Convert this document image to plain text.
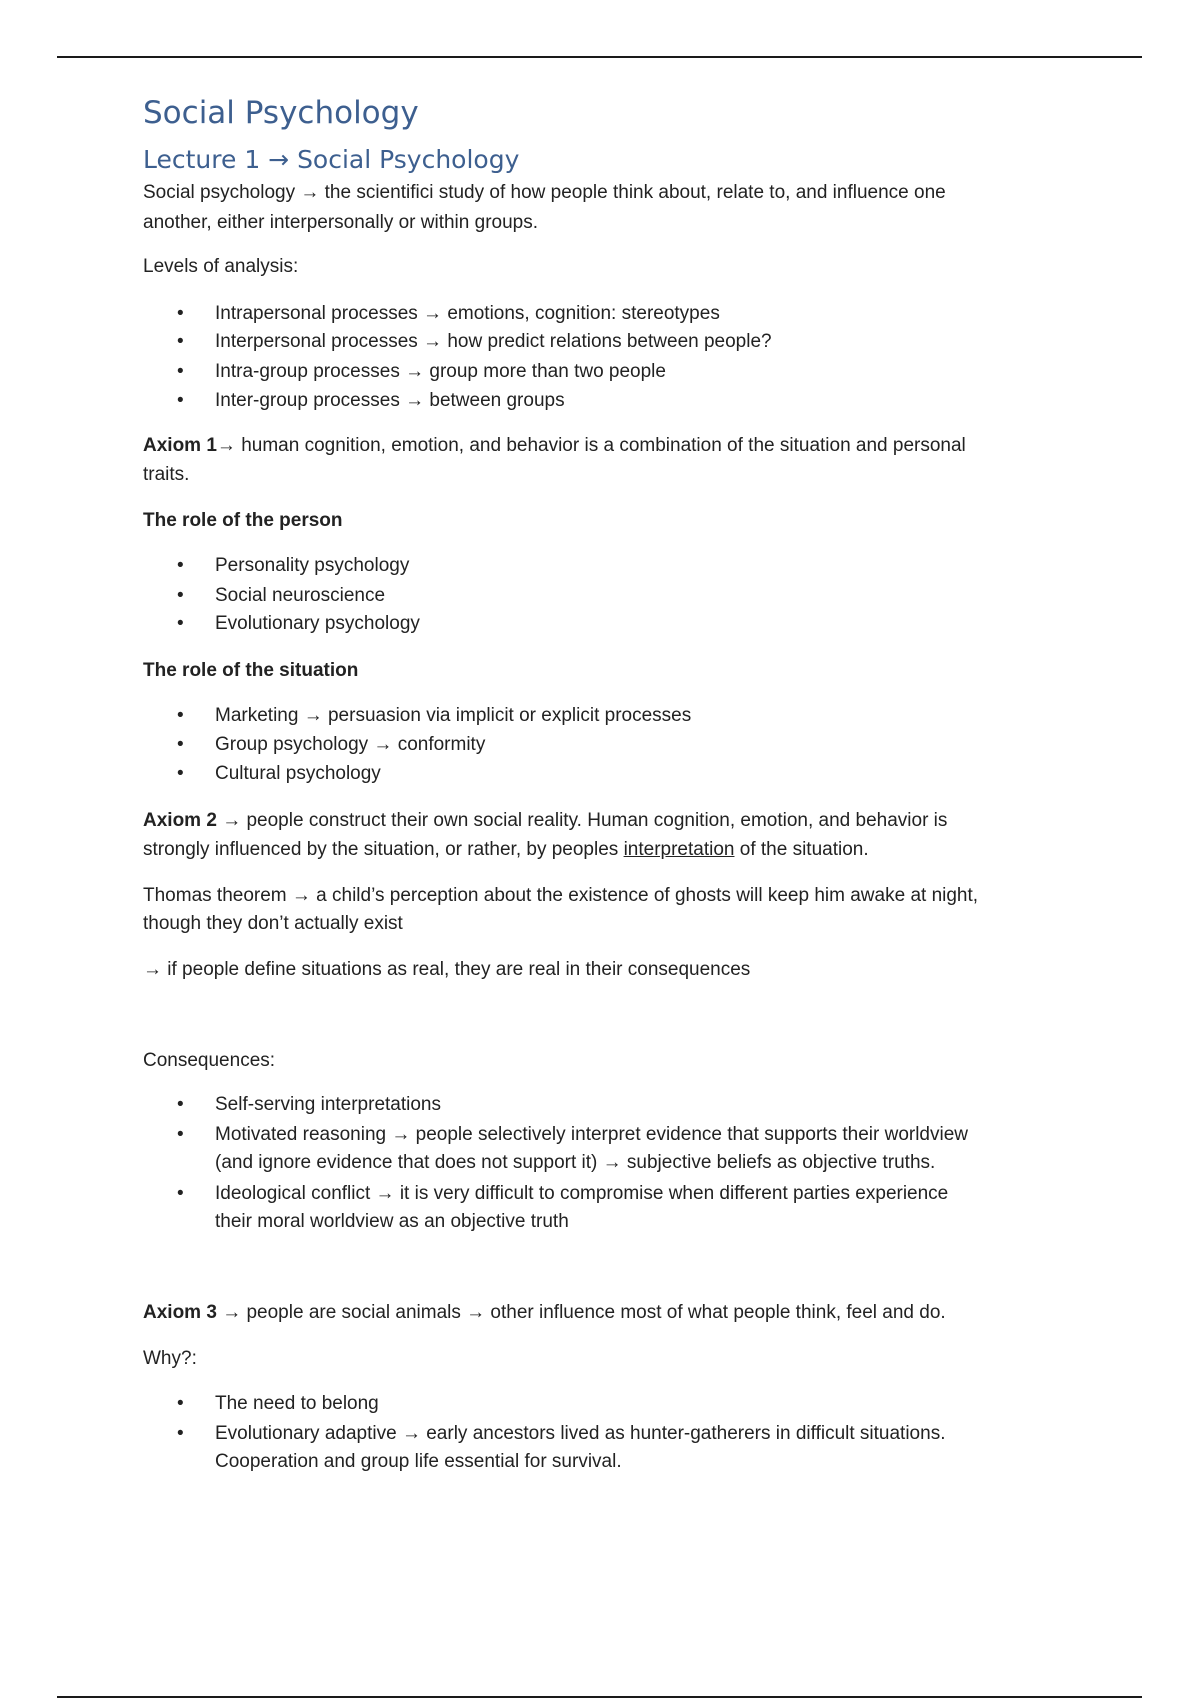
Social Psychology

Lecture 1 → Social Psychology

Social psychology → the scientifici study of how people think about, relate to, and influence one

another, either interpersonally or within groups.

Levels of analysis:

• Intrapersonal processes → emotions, cognition: stereotypes

• Interpersonal processes → how predict relations between people?

• Intra-group processes → group more than two people

• Inter-group processes → between groups

Axiom 1→ human cognition, emotion, and behavior is a combination of the situation and personal

traits.

The role of the person

• Personality psychology

• Social neuroscience

• Evolutionary psychology

The role of the situation

• Marketing → persuasion via implicit or explicit processes

• Group psychology → conformity

• Cultural psychology

Axiom 2 → people construct their own social reality. Human cognition, emotion, and behavior is

strongly influenced by the situation, or rather, by peoples interpretation of the situation.

Thomas theorem → a child’s perception about the existence of ghosts will keep him awake at night,

though they don’t actually exist

→ if people define situations as real, they are real in their consequences

Consequences:

• Self-serving interpretations

• Motivated reasoning → people selectively interpret evidence that supports their worldview

(and ignore evidence that does not support it) → subjective beliefs as objective truths.

• Ideological conflict → it is very difficult to compromise when different parties experience

their moral worldview as an objective truth

Axiom 3 → people are social animals → other influence most of what people think, feel and do.

Why?:

• The need to belong

• Evolutionary adaptive → early ancestors lived as hunter-gatherers in difficult situations.

Cooperation and group life essential for survival.
